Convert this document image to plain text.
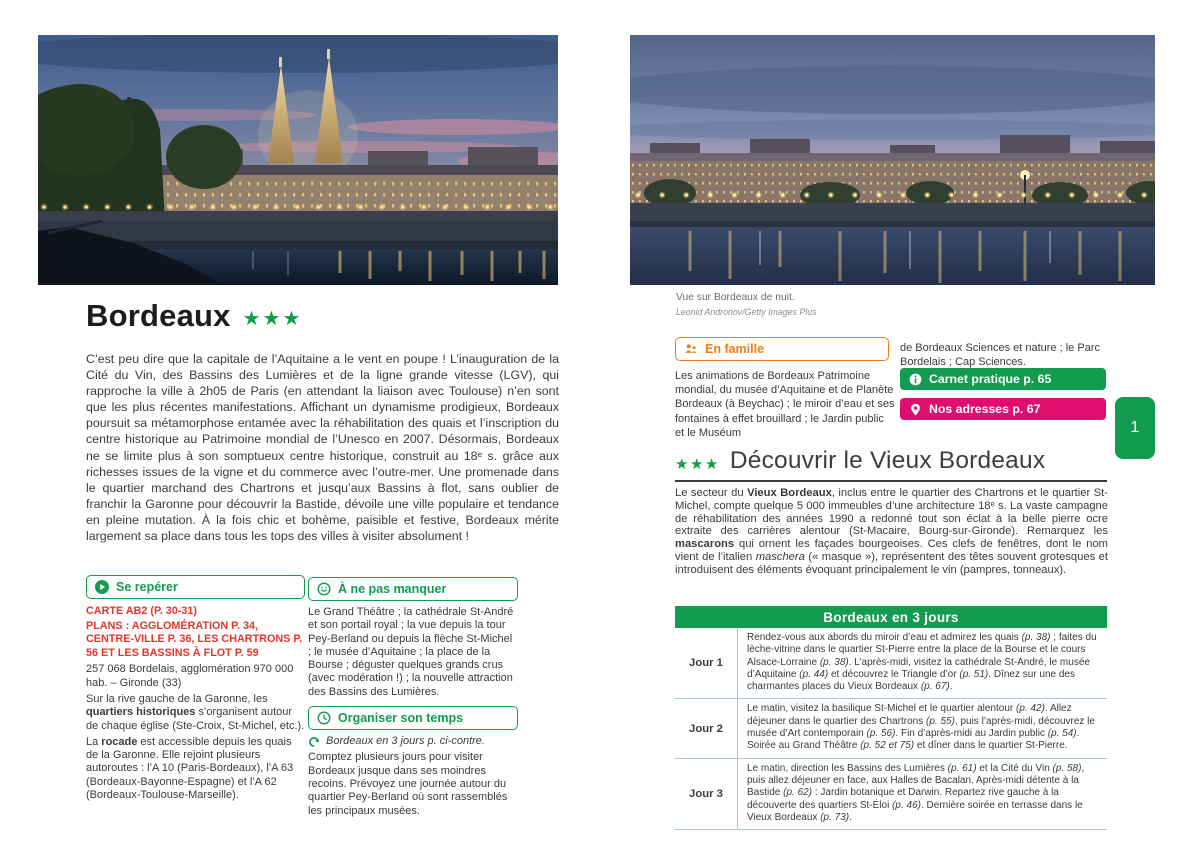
Bordeaux ★★★
C’est peu dire que la capitale de l’Aquitaine a le vent en poupe ! L’inauguration de la Cité du Vin, des Bassins des Lumières et de la ligne grande vitesse (LGV), qui rapproche la ville à 2h05 de Paris (en attendant la liaison avec Toulouse) n’en sont que les plus récentes manifestations. Affichant un dynamisme prodigieux, Bordeaux poursuit sa métamorphose entamée avec la réhabilitation des quais et l’inscription du centre historique au Patrimoine mondial de l’Unesco en 2007. Désormais, Bordeaux ne se limite plus à son somptueux centre historique, construit au 18ᵉ s. grâce aux richesses issues de la vigne et du commerce avec l’outre-mer. Une promenade dans le quartier marchand des Chartrons et jusqu’aux Bassins à flot, sans oublier de franchir la Garonne pour découvrir la Bastide, dévoile une ville populaire et tendance en pleine mutation. À la fois chic et bohème, paisible et festive, Bordeaux mérite largement sa place dans tous les tops des villes à visiter absolument !
Se repérer
CARTE AB2 (P. 30-31)
PLANS : AGGLOMÉRATION P. 34, CENTRE-VILLE P. 36, LES CHARTRONS P. 56 ET LES BASSINS À FLOT P. 59
257 068 Bordelais, agglomération 970 000 hab. – Gironde (33)
Sur la rive gauche de la Garonne, les quartiers historiques s’organisent autour de chaque église (Ste-Croix, St-Michel, etc.).
La rocade est accessible depuis les quais de la Garonne. Elle rejoint plusieurs autoroutes : l’A 10 (Paris-Bordeaux), l’A 63 (Bordeaux-Bayonne-Espagne) et l’A 62 (Bordeaux-Toulouse-Marseille).
À ne pas manquer
Le Grand Théâtre ; la cathédrale St-André et son portail royal ; la vue depuis la tour Pey-Berland ou depuis la flèche St-Michel ; le musée d’Aquitaine ; la place de la Bourse ; déguster quelques grands crus (avec modération !) ; la nouvelle attraction des Bassins des Lumières.
Organiser son temps
Bordeaux en 3 jours p. ci-contre.
Comptez plusieurs jours pour visiter Bordeaux jusque dans ses moindres recoins. Prévoyez une journée autour du quartier Pey-Berland où sont rassemblés les principaux musées.
Vue sur Bordeaux de nuit.
Leonid Andronov/Getty Images Plus
En famille
Les animations de Bordeaux Patrimoine mondial, du musée d’Aquitaine et de Planète Bordeaux (à Beychac) ; le miroir d’eau et ses fontaines à effet brouillard ; le Jardin public et le Muséum
de Bordeaux Sciences et nature ; le Parc Bordelais ; Cap Sciences.
Carnet pratique p. 65
Nos adresses p. 67
1
★★★ Découvrir le Vieux Bordeaux
Le secteur du Vieux Bordeaux, inclus entre le quartier des Chartrons et le quartier St-Michel, compte quelque 5 000 immeubles d’une architecture 18ᵉ s. La vaste campagne de réhabilitation des années 1990 a redonné tout son éclat à la belle pierre ocre extraite des carrières alentour (St-Macaire, Bourg-sur-Gironde). Remarquez les mascarons qui ornent les façades bourgeoises. Ces clefs de fenêtres, dont le nom vient de l’italien maschera (« masque »), représentent des têtes souvent grotesques et introduisent des éléments évoquant principalement le vin (pampres, tonneaux).
Bordeaux en 3 jours
Jour 1
Rendez-vous aux abords du miroir d’eau et admirez les quais (p. 38) ; faites du lèche-vitrine dans le quartier St-Pierre entre la place de la Bourse et le cours Alsace-Lorraine (p. 38). L’après-midi, visitez la cathédrale St-André, le musée d’Aquitaine (p. 44) et découvrez le Triangle d’or (p. 51). Dînez sur une des charmantes places du Vieux Bordeaux (p. 67).
Jour 2
Le matin, visitez la basilique St-Michel et le quartier alentour (p. 42). Allez déjeuner dans le quartier des Chartrons (p. 55), puis l’après-midi, découvrez le musée d’Art contemporain (p. 56). Fin d’après-midi au Jardin public (p. 54). Soirée au Grand Théâtre (p. 52 et 75) et dîner dans le quartier St-Pierre.
Jour 3
Le matin, direction les Bassins des Lumières (p. 61) et la Cité du Vin (p. 58), puis allez déjeuner en face, aux Halles de Bacalan. Après-midi détente à la Bastide (p. 62) : Jardin botanique et Darwin. Repartez rive gauche à la découverte des quartiers St-Éloi (p. 46). Dernière soirée en terrasse dans le Vieux Bordeaux (p. 73).
